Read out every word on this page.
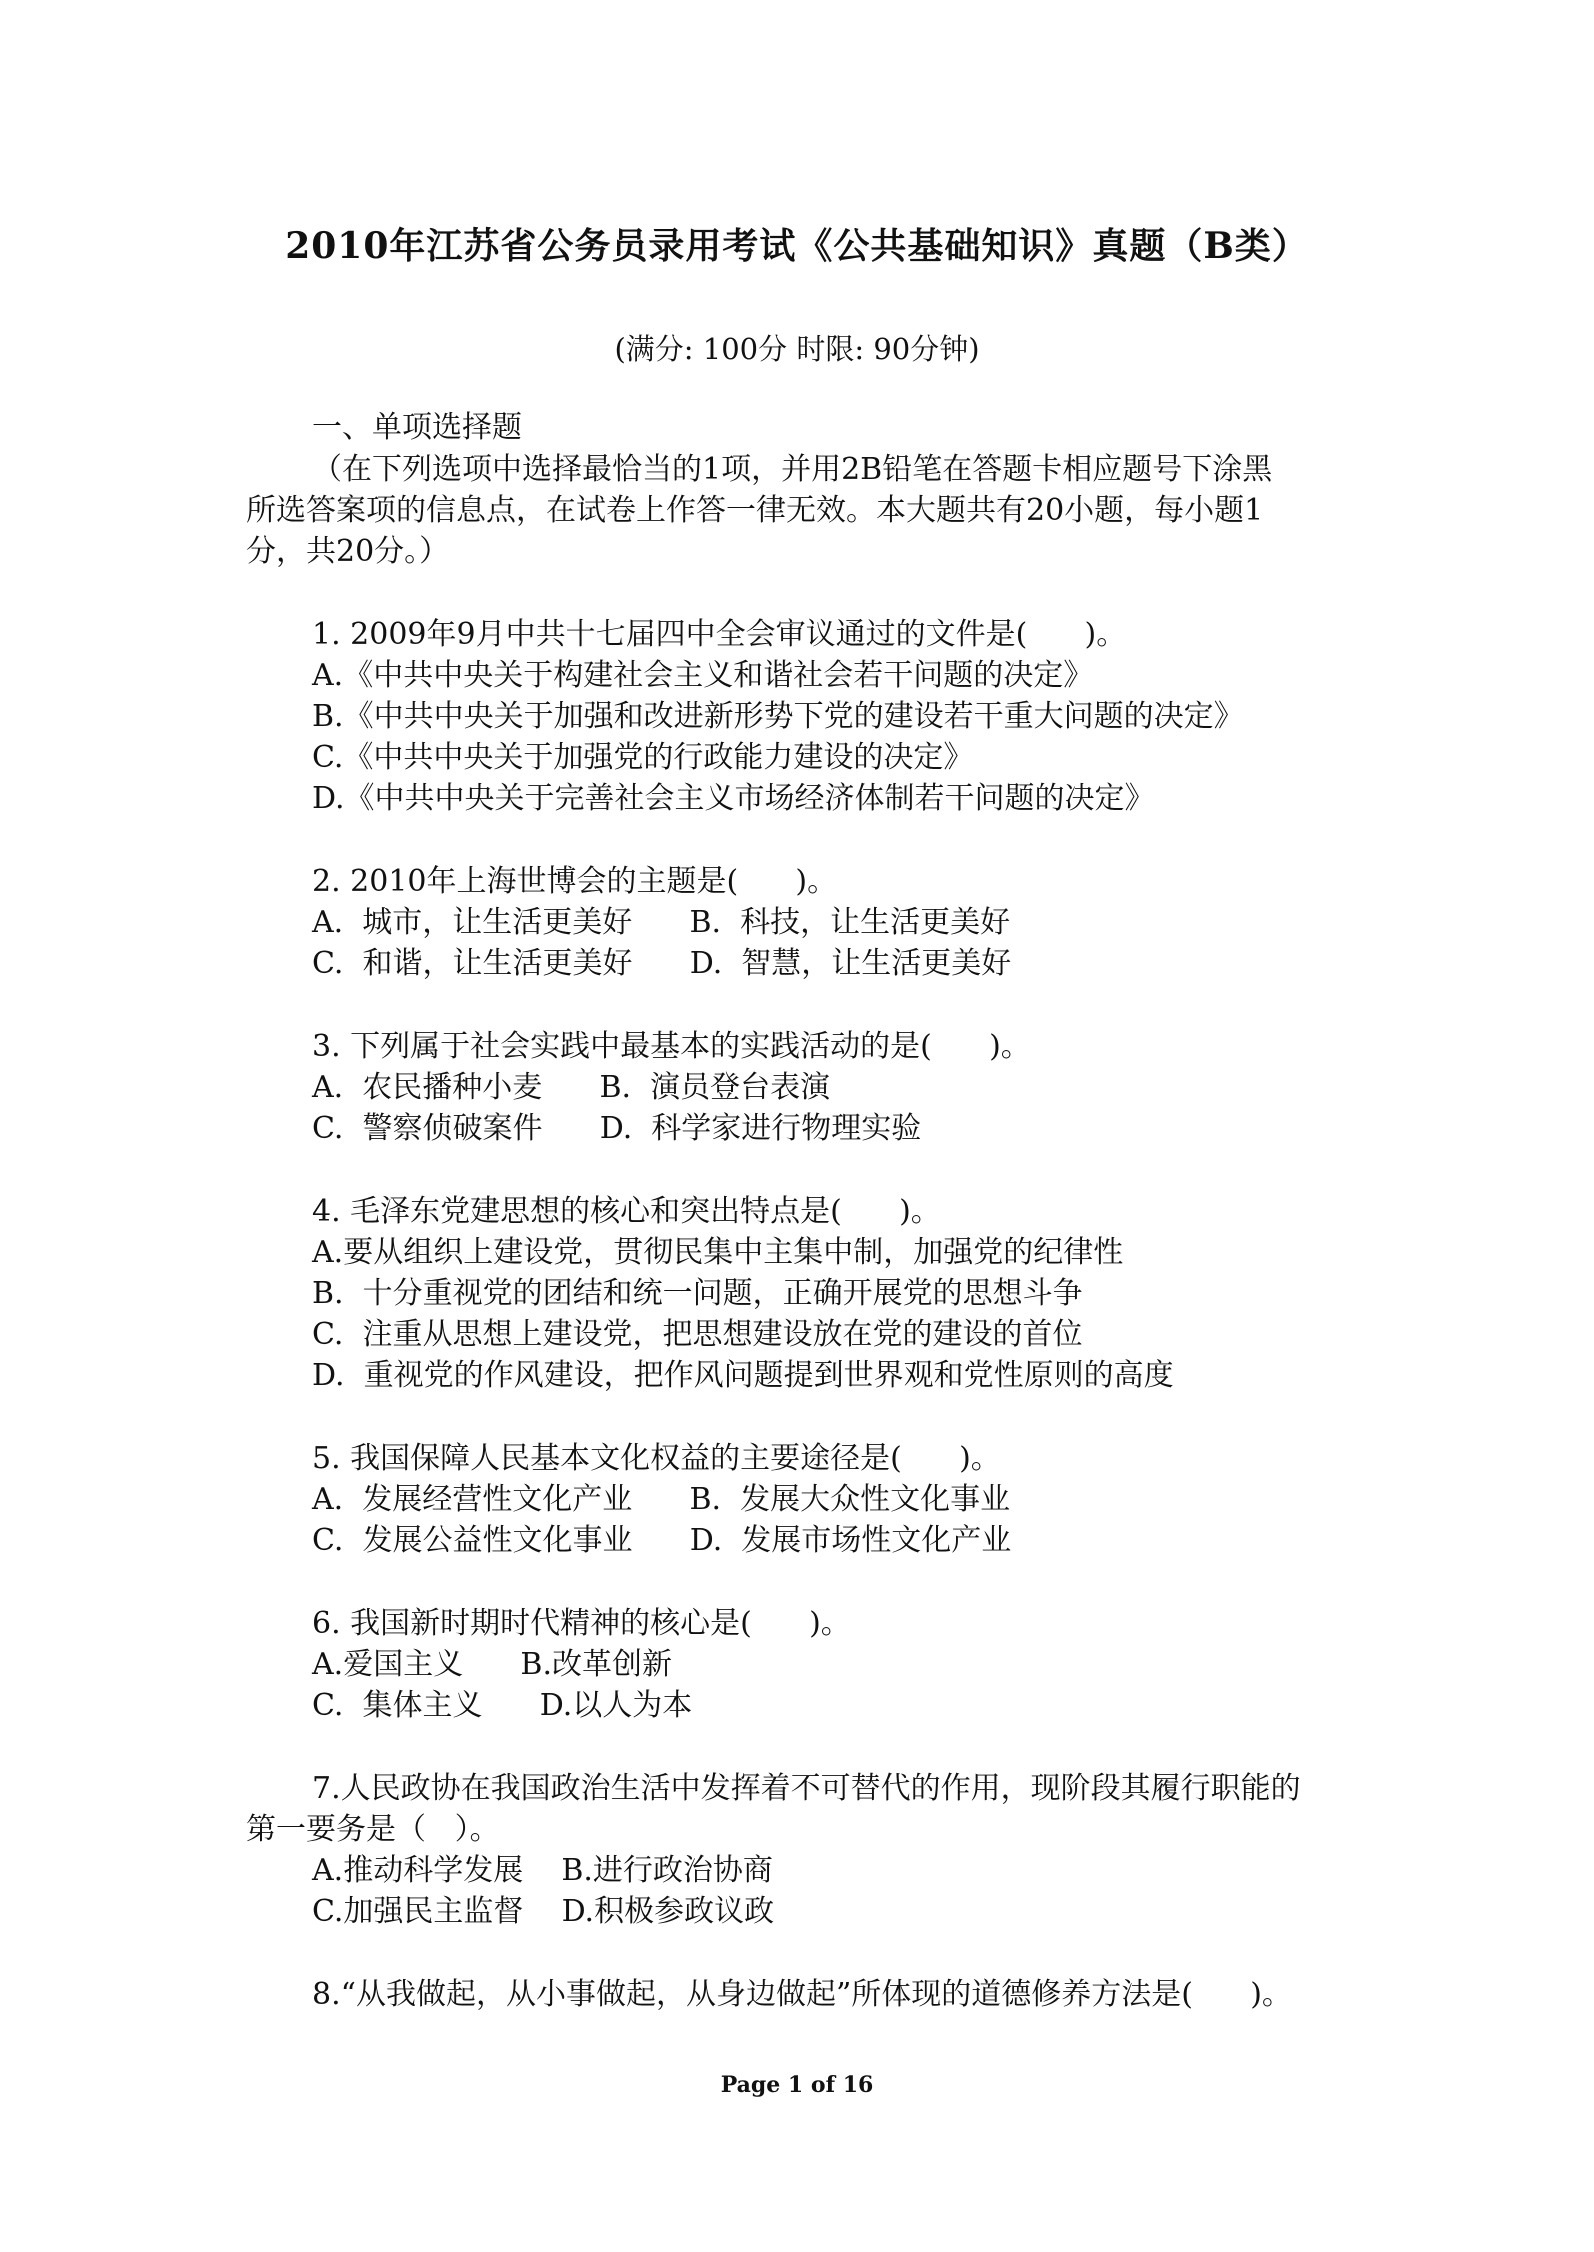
2010年江苏省公务员录用考试《公共基础知识》真题（B类）
(满分: 100分 时限: 90分钟)
一、单项选择题
（在下列选项中选择最恰当的1项，并用2B铅笔在答题卡相应题号下涂黑
所选答案项的信息点，在试卷上作答一律无效。本大题共有20小题，每小题1
分，共20分。）
1. 2009年9月中共十七届四中全会审议通过的文件是(      )。
A.《中共中央关于构建社会主义和谐社会若干问题的决定》
B.《中共中央关于加强和改进新形势下党的建设若干重大问题的决定》
C.《中共中央关于加强党的行政能力建设的决定》
D.《中共中央关于完善社会主义市场经济体制若干问题的决定》
2. 2010年上海世博会的主题是(      )。
A.  城市，让生活更美好      B.  科技，让生活更美好
C.  和谐，让生活更美好      D.  智慧，让生活更美好
3. 下列属于社会实践中最基本的实践活动的是(      )。
A.  农民播种小麦      B.  演员登台表演
C.  警察侦破案件      D.  科学家进行物理实验
4. 毛泽东党建思想的核心和突出特点是(      )。
A.要从组织上建设党，贯彻民集中主集中制，加强党的纪律性
B.  十分重视党的团结和统一问题，正确开展党的思想斗争
C.  注重从思想上建设党，把思想建设放在党的建设的首位
D.  重视党的作风建设，把作风问题提到世界观和党性原则的高度
5. 我国保障人民基本文化权益的主要途径是(      )。
A.  发展经营性文化产业      B.  发展大众性文化事业
C.  发展公益性文化事业      D.  发展市场性文化产业
6. 我国新时期时代精神的核心是(      )。
A.爱国主义      B.改革创新
C.  集体主义      D.以人为本
7.人民政协在我国政治生活中发挥着不可替代的作用，现阶段其履行职能的
第一要务是（   ）。
A.推动科学发展    B.进行政治协商
C.加强民主监督    D.积极参政议政
8.“从我做起，从小事做起，从身边做起”所体现的道德修养方法是(      )。
Page 1 of 16
